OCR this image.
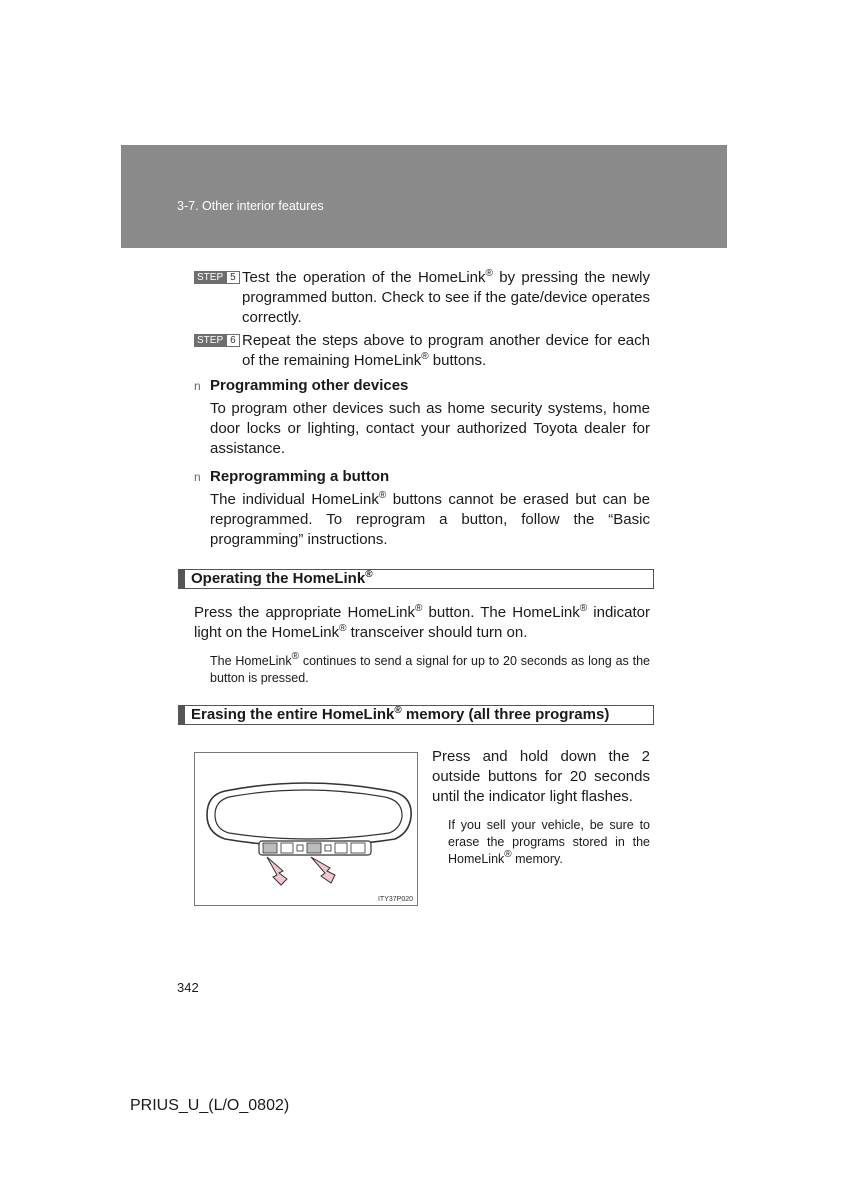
3-7. Other interior features
STEP 5 Test the operation of the HomeLink® by pressing the newly programmed button. Check to see if the gate/device operates correctly.
STEP 6 Repeat the steps above to program another device for each of the remaining HomeLink® buttons.
n Programming other devices
To program other devices such as home security systems, home door locks or lighting, contact your authorized Toyota dealer for assistance.
n Reprogramming a button
The individual HomeLink® buttons cannot be erased but can be reprogrammed. To reprogram a button, follow the “Basic programming” instructions.
Operating the HomeLink®
Press the appropriate HomeLink® button. The HomeLink® indicator light on the HomeLink® transceiver should turn on.
The HomeLink® continues to send a signal for up to 20 seconds as long as the button is pressed.
Erasing the entire HomeLink® memory (all three programs)
ITY37P020
Press and hold down the 2 outside buttons for 20 seconds until the indicator light flashes.
If you sell your vehicle, be sure to erase the programs stored in the HomeLink® memory.
342
PRIUS_U_(L/O_0802)
